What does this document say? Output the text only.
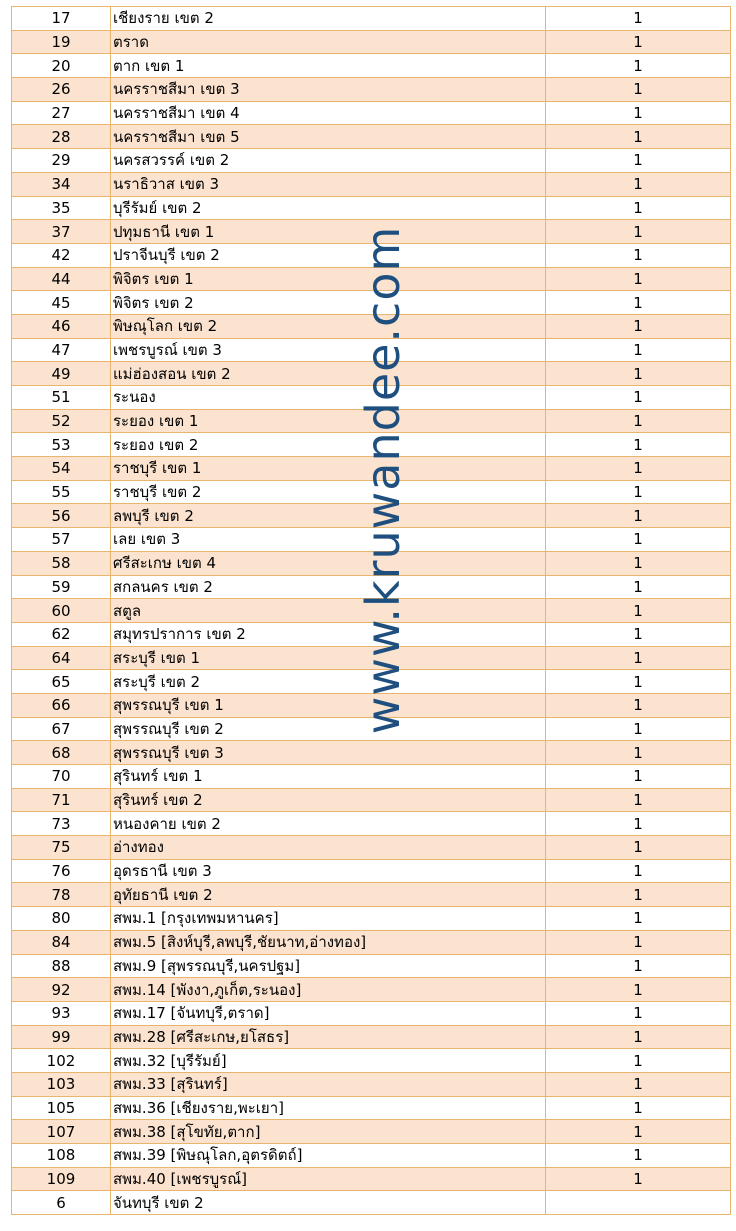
17	เชียงราย เขต 2	1
19	ตราด	1
20	ตาก เขต 1	1
26	นครราชสีมา เขต 3	1
27	นครราชสีมา เขต 4	1
28	นครราชสีมา เขต 5	1
29	นครสวรรค์ เขต 2	1
34	นราธิวาส เขต 3	1
35	บุรีรัมย์ เขต 2	1
37	ปทุมธานี เขต 1	1
42	ปราจีนบุรี เขต 2	1
44	พิจิตร เขต 1	1
45	พิจิตร เขต 2	1
46	พิษณุโลก เขต 2	1
47	เพชรบูรณ์ เขต 3	1
49	แม่ฮ่องสอน เขต 2	1
51	ระนอง	1
52	ระยอง เขต 1	1
53	ระยอง เขต 2	1
54	ราชบุรี เขต 1	1
55	ราชบุรี เขต 2	1
56	ลพบุรี เขต 2	1
57	เลย เขต 3	1
58	ศรีสะเกษ เขต 4	1
59	สกลนคร เขต 2	1
60	สตูล	1
62	สมุทรปราการ เขต 2	1
64	สระบุรี เขต 1	1
65	สระบุรี เขต 2	1
66	สุพรรณบุรี เขต 1	1
67	สุพรรณบุรี เขต 2	1
68	สุพรรณบุรี เขต 3	1
70	สุรินทร์ เขต 1	1
71	สุรินทร์ เขต 2	1
73	หนองคาย เขต 2	1
75	อ่างทอง	1
76	อุดรธานี เขต 3	1
78	อุทัยธานี เขต 2	1
80	สพม.1 [กรุงเทพมหานคร]	1
84	สพม.5 [สิงห์บุรี,ลพบุรี,ชัยนาท,อ่างทอง]	1
88	สพม.9 [สุพรรณบุรี,นครปฐม]	1
92	สพม.14 [พังงา,ภูเก็ต,ระนอง]	1
93	สพม.17 [จันทบุรี,ตราด]	1
99	สพม.28 [ศรีสะเกษ,ยโสธร]	1
102	สพม.32 [บุรีรัมย์]	1
103	สพม.33 [สุรินทร์]	1
105	สพม.36 [เชียงราย,พะเยา]	1
107	สพม.38 [สุโขทัย,ตาก]	1
108	สพม.39 [พิษณุโลก,อุตรดิตถ์]	1
109	สพม.40 [เพชรบูรณ์]	1
6	จันทบุรี เขต 2	
www.kruwandee.com
